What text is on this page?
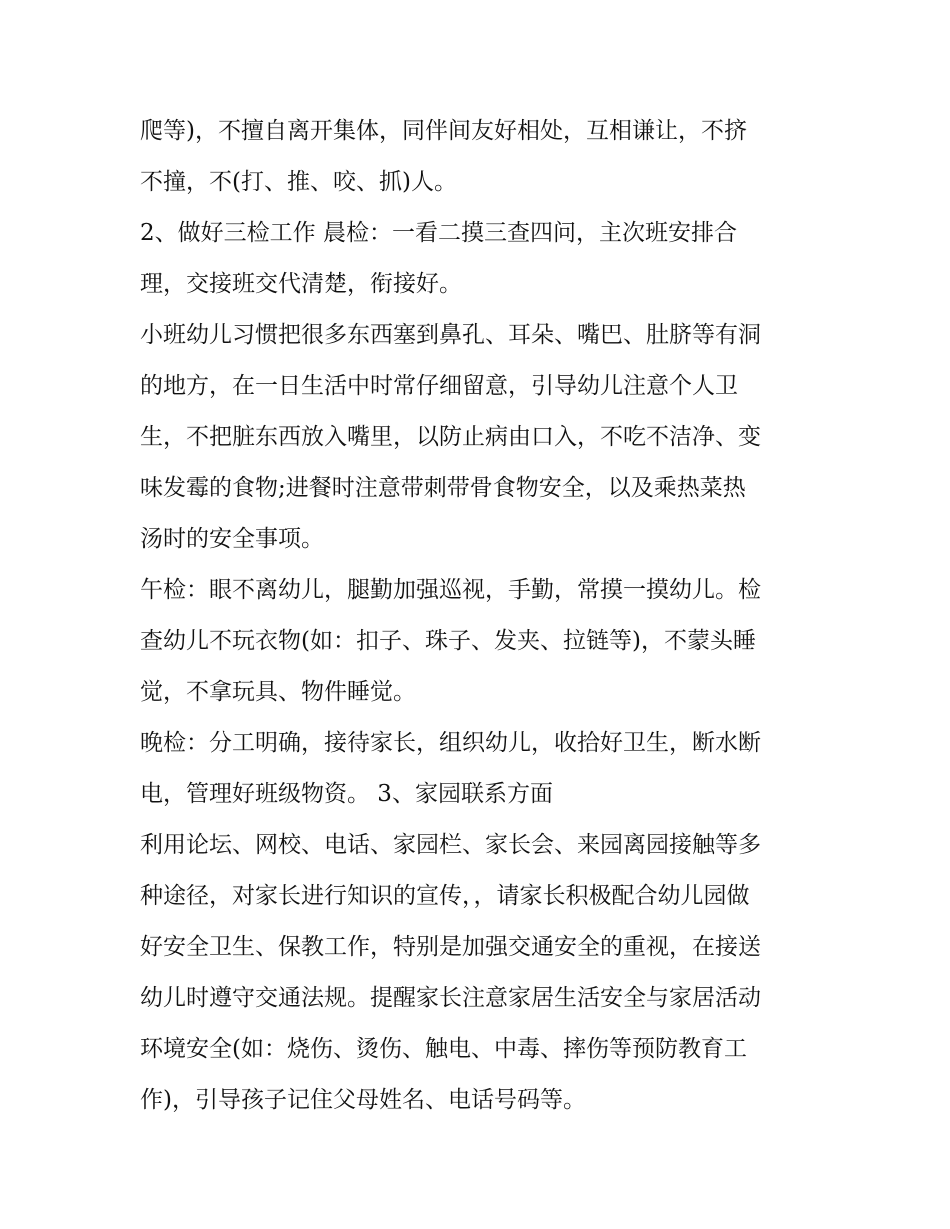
爬等)，不擅自离开集体，同伴间友好相处，互相谦让，不挤

不撞，不(打、推、咬、抓)人。

2、做好三检工作 晨检：一看二摸三查四问，主次班安排合

理，交接班交代清楚，衔接好。

小班幼儿习惯把很多东西塞到鼻孔、耳朵、嘴巴、肚脐等有洞

的地方，在一日生活中时常仔细留意，引导幼儿注意个人卫

生，不把脏东西放入嘴里，以防止病由口入，不吃不洁净、变

味发霉的食物;进餐时注意带刺带骨食物安全，以及乘热菜热

汤时的安全事项。

午检：眼不离幼儿，腿勤加强巡视，手勤，常摸一摸幼儿。检

查幼儿不玩衣物(如：扣子、珠子、发夹、拉链等)，不蒙头睡

觉，不拿玩具、物件睡觉。

晚检：分工明确，接待家长，组织幼儿，收拾好卫生，断水断

电，管理好班级物资。 3、家园联系方面

利用论坛、网校、电话、家园栏、家长会、来园离园接触等多

种途径，对家长进行知识的宣传，，请家长积极配合幼儿园做

好安全卫生、保教工作，特别是加强交通安全的重视，在接送

幼儿时遵守交通法规。提醒家长注意家居生活安全与家居活动

环境安全(如：烧伤、烫伤、触电、中毒、摔伤等预防教育工

作)，引导孩子记住父母姓名、电话号码等。
